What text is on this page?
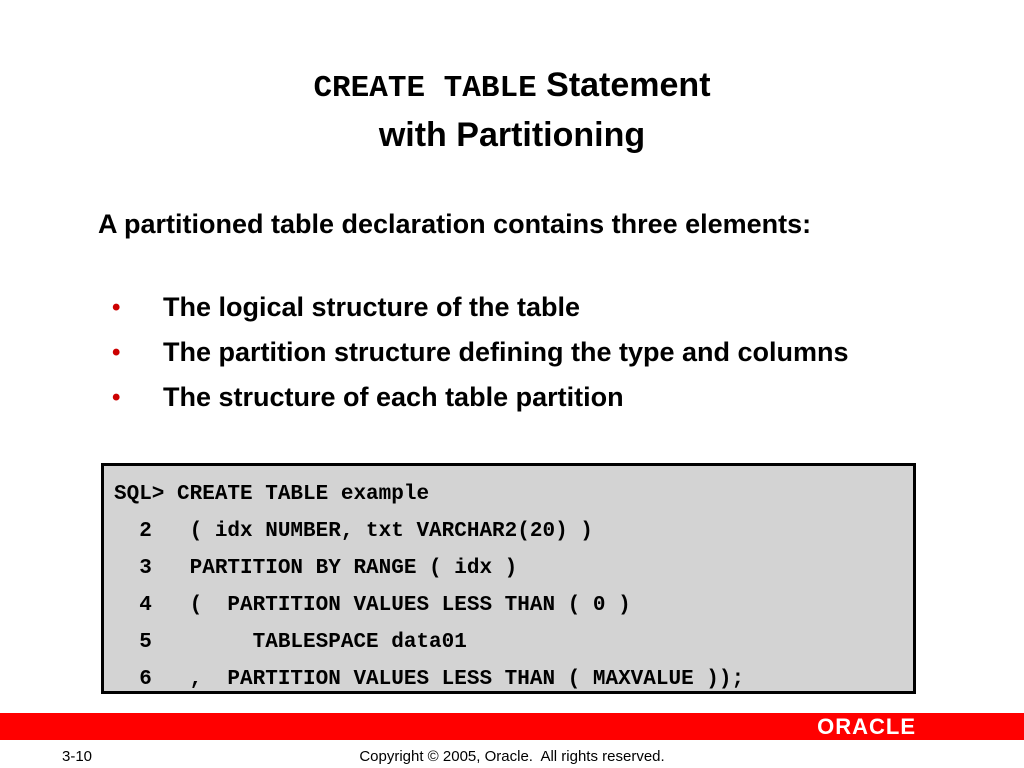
CREATE TABLE Statement
with Partitioning
A partitioned table declaration contains three elements:
• The logical structure of the table
• The partition structure defining the type and columns
• The structure of each table partition
SQL> CREATE TABLE example
2   ( idx NUMBER, txt VARCHAR2(20) )
3   PARTITION BY RANGE ( idx )
4   (  PARTITION VALUES LESS THAN ( 0 )
5        TABLESPACE data01
6   ,  PARTITION VALUES LESS THAN ( MAXVALUE ));
ORACLE
3-10	Copyright © 2005, Oracle.  All rights reserved.
